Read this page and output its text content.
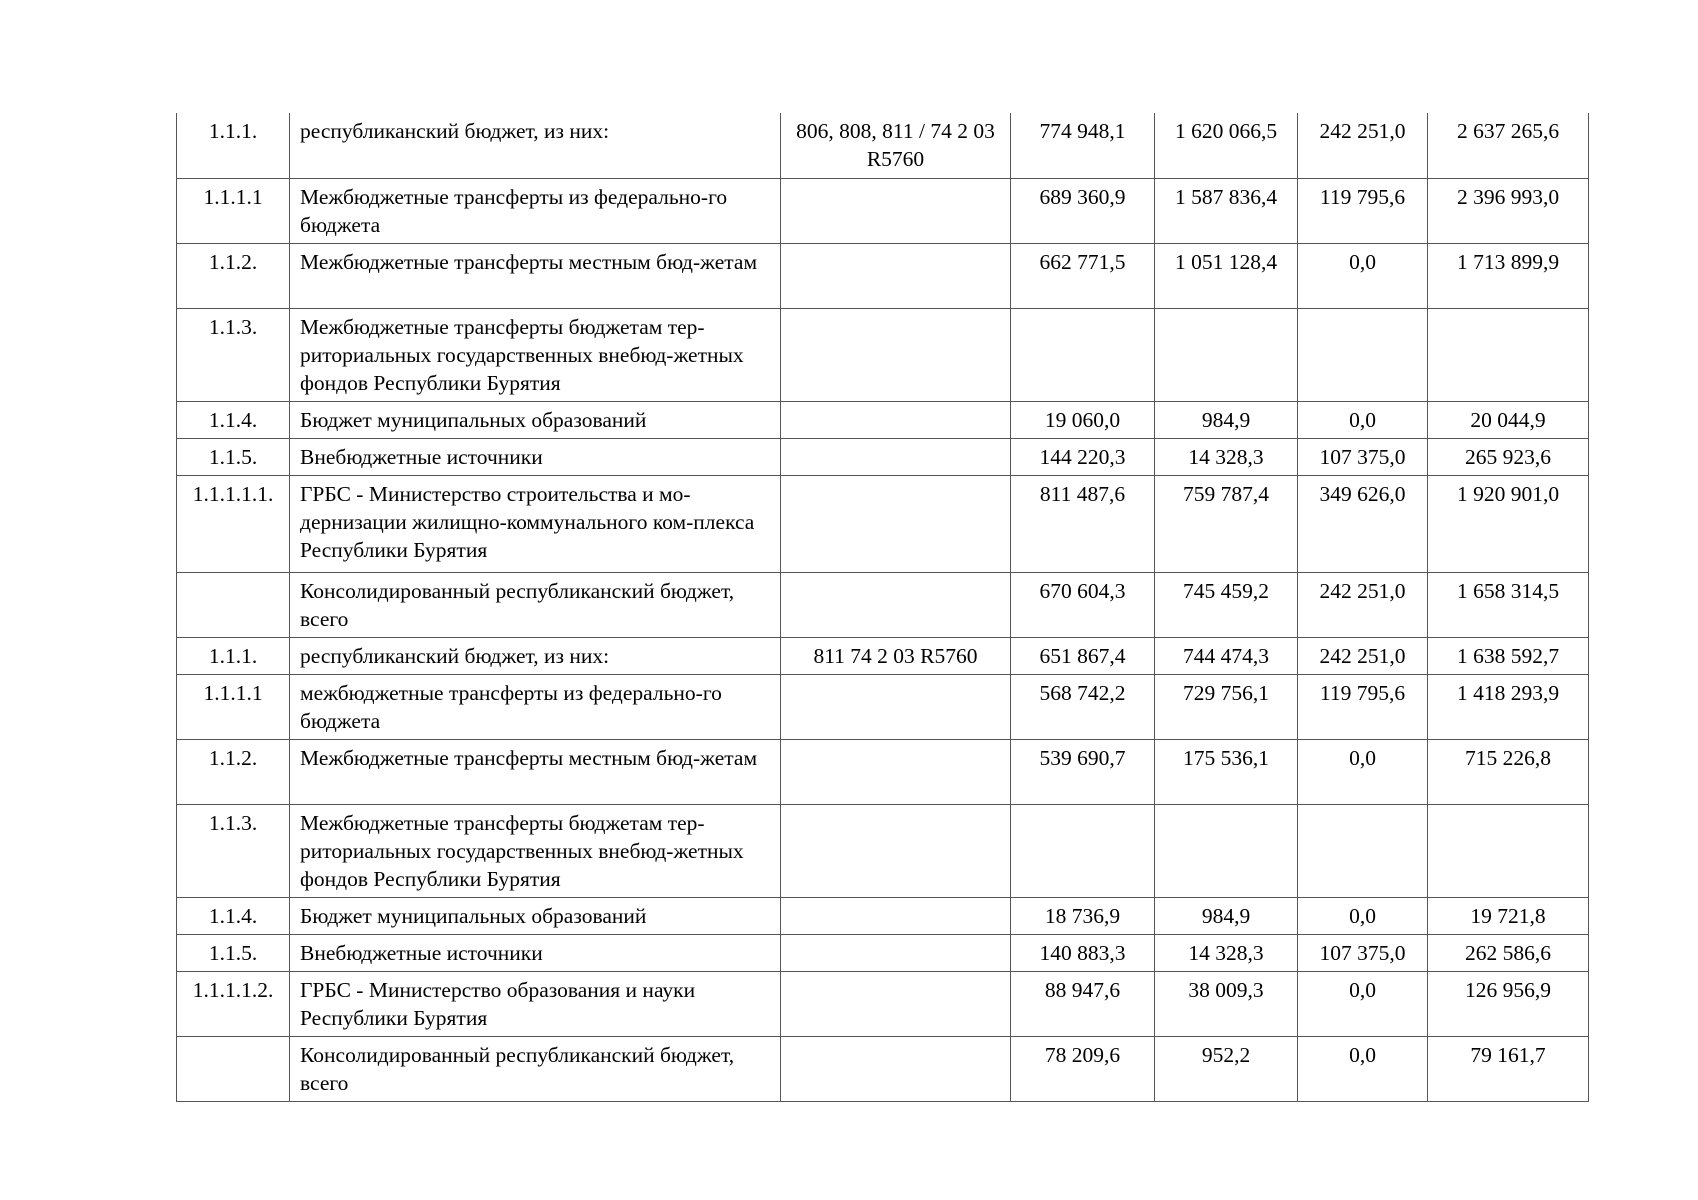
1.1.1.	республиканский бюджет, из них:	806, 808, 811 / 74 2 03 R5760	774 948,1	1 620 066,5	242 251,0	2 637 265,6
1.1.1.1	Межбюджетные трансферты из федерально-го бюджета		689 360,9	1 587 836,4	119 795,6	2 396 993,0
1.1.2.	Межбюджетные трансферты местным бюд-жетам		662 771,5	1 051 128,4	0,0	1 713 899,9
1.1.3.	Межбюджетные трансферты бюджетам тер-риториальных государственных внебюд-жетных фондов Республики Бурятия					
1.1.4.	Бюджет муниципальных образований		19 060,0	984,9	0,0	20 044,9
1.1.5.	Внебюджетные источники		144 220,3	14 328,3	107 375,0	265 923,6
1.1.1.1.1.	ГРБС - Министерство строительства и мо-дернизации жилищно-коммунального ком-плекса Республики Бурятия		811 487,6	759 787,4	349 626,0	1 920 901,0
	Консолидированный республиканский бюджет, всего		670 604,3	745 459,2	242 251,0	1 658 314,5
1.1.1.	республиканский бюджет, из них:	811 74 2 03 R5760	651 867,4	744 474,3	242 251,0	1 638 592,7
1.1.1.1	межбюджетные трансферты из федерально-го бюджета		568 742,2	729 756,1	119 795,6	1 418 293,9
1.1.2.	Межбюджетные трансферты местным бюд-жетам		539 690,7	175 536,1	0,0	715 226,8
1.1.3.	Межбюджетные трансферты бюджетам тер-риториальных государственных внебюд-жетных фондов Республики Бурятия					
1.1.4.	Бюджет муниципальных образований		18 736,9	984,9	0,0	19 721,8
1.1.5.	Внебюджетные источники		140 883,3	14 328,3	107 375,0	262 586,6
1.1.1.1.2.	ГРБС - Министерство образования и науки Республики Бурятия		88 947,6	38 009,3	0,0	126 956,9
	Консолидированный республиканский бюджет, всего		78 209,6	952,2	0,0	79 161,7
